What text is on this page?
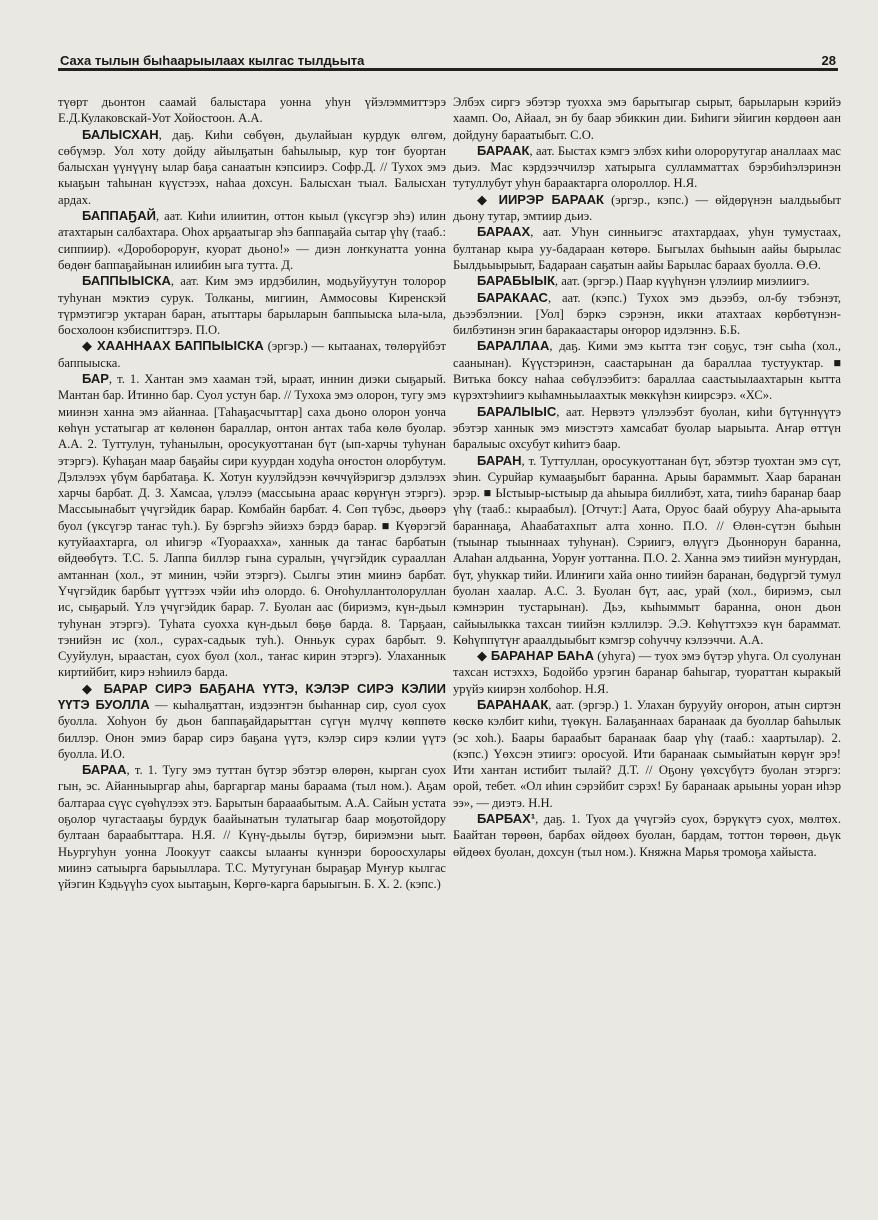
Саха тылын быһаарыылаах кылгас тылдьыта	28

түөрт дьонтон саамай балыстара уонна уһун үйэлэммиттэрэ Е.Д.Кулаковскай-Уот Хойостоон. А.А.

БАЛЫСХАН, даҕ. Киһи сөбүөн, дьулайыан курдук өлгөм, сөбүмэр. Уол хоту дойду айылҕатын баһылыыр, кур тоҥ буортан балысхан үүнүүнү ылар баҕа санаатын кэпсиирэ. Софр.Д. // Тухох эмэ кыаҕын таһынан күүстээх, наһаа дохсун. Балысхан тыал. Балысхан ардах.

БАППАҔАЙ, аат. Киһи илиитин, оттон кыыл (үксүгэр эһэ) илин атахтарын салбахтара. Оһох арҕаатыгар эһэ баппаҕайа сытар үһү (тааб.: сиппиир). «Доробороруҥ, куорат дьоно!» — диэн лоҥкунатта уонна бөдөҥ баппаҕайынан илиибин ыга тутта. Д.

БАППЫЫСКА, аат. Ким эмэ ирдэбилин, модьуйуутун толорор туһунан мэктиэ сурук. Толканы, мигиин, Аммосовы Киренскэй түрмэтигэр уктаран баран, атыттары барыларын баппыыска ыла-ыла, босхолоон кэбиспиттэрэ. П.О.

◆ ХААННААХ БАППЫЫСКА (эргэр.) — кытаанах, төлөрүйбэт баппыыска.

БАР, т. 1. Хантан эмэ хааман тэй, ыраат, иннин диэки сыҕарый. Мантан бар. Итинно бар. Суол устун бар. // Тухоха эмэ олорон, тугу эмэ миинэн ханна эмэ айаннаа. [Таһаҕасчыттар] саха дьоно олорон уонча көһүн устатыгар ат көлөнөн бараллар, онтон антах таба көлө буолар. А.А. 2. Туттулун, туһанылын, оросукуоттанан бүт (ып-харчы туһунан этэргэ). Куһаҕан маар баҕайы сири куурдан ходуһа оҥостон олорбутум. Дэлэлээх үбүм барбатаҕа. К. Хотун куулэйдээн көччүйэригэр дэлэлээх харчы барбат. Д. З. Хамсаа, үлэлээ (массыына араас көрүҥүн этэргэ). Массыынабыт үчүгэйдик барар. Комбайн барбат. 4. Сөп түбэс, дьөөрэ буол (үксүгэр таҥас туһ.). Бу бэргэһэ эйиэхэ бэрдэ барар. ■ Күөрэгэй кутуйаахтарга, ол иһигэр «Туораахха», ханнык да таҥас барбатын өйдөөбүтэ. Т.С. 5. Лаппа биллэр гына суралын, үчүгэйдик сурааллан амтаннан (хол., эт минин, чэйи этэргэ). Сылгы этин миинэ барбат. Үчүгэйдик барбыт үүттээх чэйи иһэ олордо. 6. Оҥоһуллантолоруллан ис, сыҕарый. Үлэ үчүгэйдик барар. 7. Буолан аас (бириэмэ, күн-дьыл туһунан этэргэ). Туһата суохха күн-дьыл бөҕө барда. 8. Тарҕаан, тэнийэн ис (хол., сурах-садьык туһ.). Онньук сурах барбыт. 9. Сууйулун, ыраастан, суох буол (хол., таҥас кирин этэргэ). Улаханнык киртийбит, кирэ нэһиилэ барда.

◆ БАРАР СИРЭ БАҔАНА ҮҮТЭ, КЭЛЭР СИРЭ КЭЛИИ ҮҮТЭ БУОЛЛА — кыһалҕаттан, иэдээнтэн быһаннар сир, суол суох буолла. Хоһуон бу дьон баппаҕайдарыттан сүгүн мүлчү көппөтө биллэр. Онон эмиэ барар сирэ баҕана үүтэ, кэлэр сирэ кэлии үүтэ буолла. И.О.

БАРАА, т. 1. Тугу эмэ туттан бүтэр эбэтэр өлөрөн, кырган суох гын, эс. Айанныыргар аһы, баргаргар маны бараама (тыл ном.). Аҕам балтараа сүүс сүөһүлээх этэ. Барытын барааабытым. А.А. Сайын устата оҕолор чугастааҕы бурдук баайынатын тулатыгар баар моҕотойдору бултаан бараабыттара. Н.Я. // Күнү-дьылы бүтэр, бириэмэни ыыт. Ньургуһун уонна Лоокуут саакcы ылааҥы күннэри бороосхулары миинэ сатыырга барыыллара. Т.С. Мутугунан быраҕар Муҥур кылгас үйэгин Кэдьүүһэ суох ыытаҕын, Көргө-карга барыыгын. Б. Х. 2. (кэпс.)

Элбэх сиргэ эбэтэр туохха эмэ барытыгар сырыт, барыларын кэрийэ хаамп. Оо, Айаал, эн бу баар эбиккин дии. Биһиги эйигин көрдөөн аан дойдуну бараатыбыт. С.О.

БАРААК, аат. Быстах кэмгэ элбэх киһи олорорутугар аналлаах мас дьиэ. Мас кэрдээччилэр хатырыга сулламматтах бэрэбиһэлэринэн тутуллубут уһун бараактаргa олороллор. Н.Я.

◆ ИИРЭР БАРААК (эргэр., кэпс.) — өйдөрүнэн ыалдьыбыт дьону тутар, эмтиир дьиэ.

БАРААХ, аат. Уһун синньигэс атахтардаах, уһун тумустаах, бултанар кыра уу-бадараан көтөрө. Быгылах быһыын аайы бырылас Былдьыырыыт, Бадараан саҕатын аайы Барылас барааx буолла. Ө.Ө.

БАРАБЫЫК, аат. (эргэр.) Паар күүһүнэн үлэлиир миэлиигэ.

БАРАКААС, аат. (кэпс.) Тухох эмэ дьээбэ, ол-бу тэбэнэт, дьээбэлэнии. [Уол] бэркэ сэрэнэн, икки атахтаах көрбөтүнэн-билбэтинэн эгин баракаастары оҥорор идэлэннэ. Б.Б.

БАРАЛЛАА, даҕ. Кими эмэ кытта тэҥ соҕус, тэҥ сыһа (хол., саанынан). Күүстэринэн, саастарынан да бараллаа тустууктар. ■ Витька боксу наһаа сөбүлээбитэ: бараллаа саастыылаахтарын кытта күрэхтэһиигэ кыһамньылаахтык мөккүһэн киирсэрэ. «ХС».

БАРАЛЫЫС, аат. Нервэтэ үлэлээбэт буолан, киһи бүтүннүүтэ эбэтэр ханнык эмэ миэстэтэ хамсабат буолар ыарыыта. Аҥар өттүн баралыыс охсубут киһитэ баар.

БАРАН, т. Туттуллан, оросукуоттанан бүт, эбэтэр туохтан эмэ сүт, эһин. Сурuйар кумааҕыбыт баранна. Арыы бараммыт. Хаар баранан эрэр. ■ Ыстыыр-ыстыыр да аһыыра биллибэт, хата, тииһэ баранар баар үһү (тааб.: кыраабыл). [Отчут:] Аата, Оруос баай обуруу Аһа-арыыта бараннаҕа, Аһаабатахпыт алта хонно. П.О. // Өлөн-сүтэн быһын (тыынар тыыннаах туһунан). Сэриигэ, өлүүгэ Дьоннорун баранна, Алаһан алдьанна, Уоруҥ уоттанна. П.О. 2. Ханна эмэ тиийэн муҥурдан, бүт, уһуккар тийи. Илиҥиги хайа онно тиийэн баранан, бөдүргэй тумул буолан хаалар. А.С. 3. Буолан бүт, аас, урай (хол., бириэмэ, сыл кэмнэрин тустарынан). Дьэ, кыһыммыт баранна, онон дьон сайыылыкка тахсан тиийэн кэллилэр. Э.Э. Көһүттэхээ күн бараммат. Көһүппүтүҥ араалдыыбыт кэмгэр соһуччу кэлээччи. А.А.

◆ БАРАНАР БАҺА (уһуга) — туох эмэ бүтэр уһуга. Ол суолунан тахсан истэххэ, Бодойбо урэгин баранар баһыгар, туораттан кыракый урүйэ киирэн холбоһор. Н.Я.

БАРАНААК, аат. (эргэр.) 1. Улахан бурууйу оҥорон, атын сиртэн көскө кэлбит киһи, түөкүн. Балаҕаннаах баранаак да буоллар баһылык (эс хоһ.). Баары бараабыт баранаак баар үһү (тааб.: хаартылар). 2. (кэпс.) Үөхсэн этиигэ: оросуой. Ити баранаак сымыйатын көрүҥ эрэ! Ити хантан истибит тылай? Д.Т. // Оҕону үөхсүбүтэ буолан этэргэ: орой, тебет. «Ол иһин сэрэйбит сэрэх! Бу баранаак арыыны уоран иһэр ээ», — диэтэ. Н.Н.

БАРБАХ¹, даҕ. 1. Туох да үчүгэйэ суох, бэрүкүтэ суох, мөлтөх. Баайтан төрөөн, барбах өйдөөх буолан, бардам, тоттон төрөөн, дьүк өйдөөх буолан, дохсун (тыл ном.). Княжна Марья тромоҕа хайыста.
